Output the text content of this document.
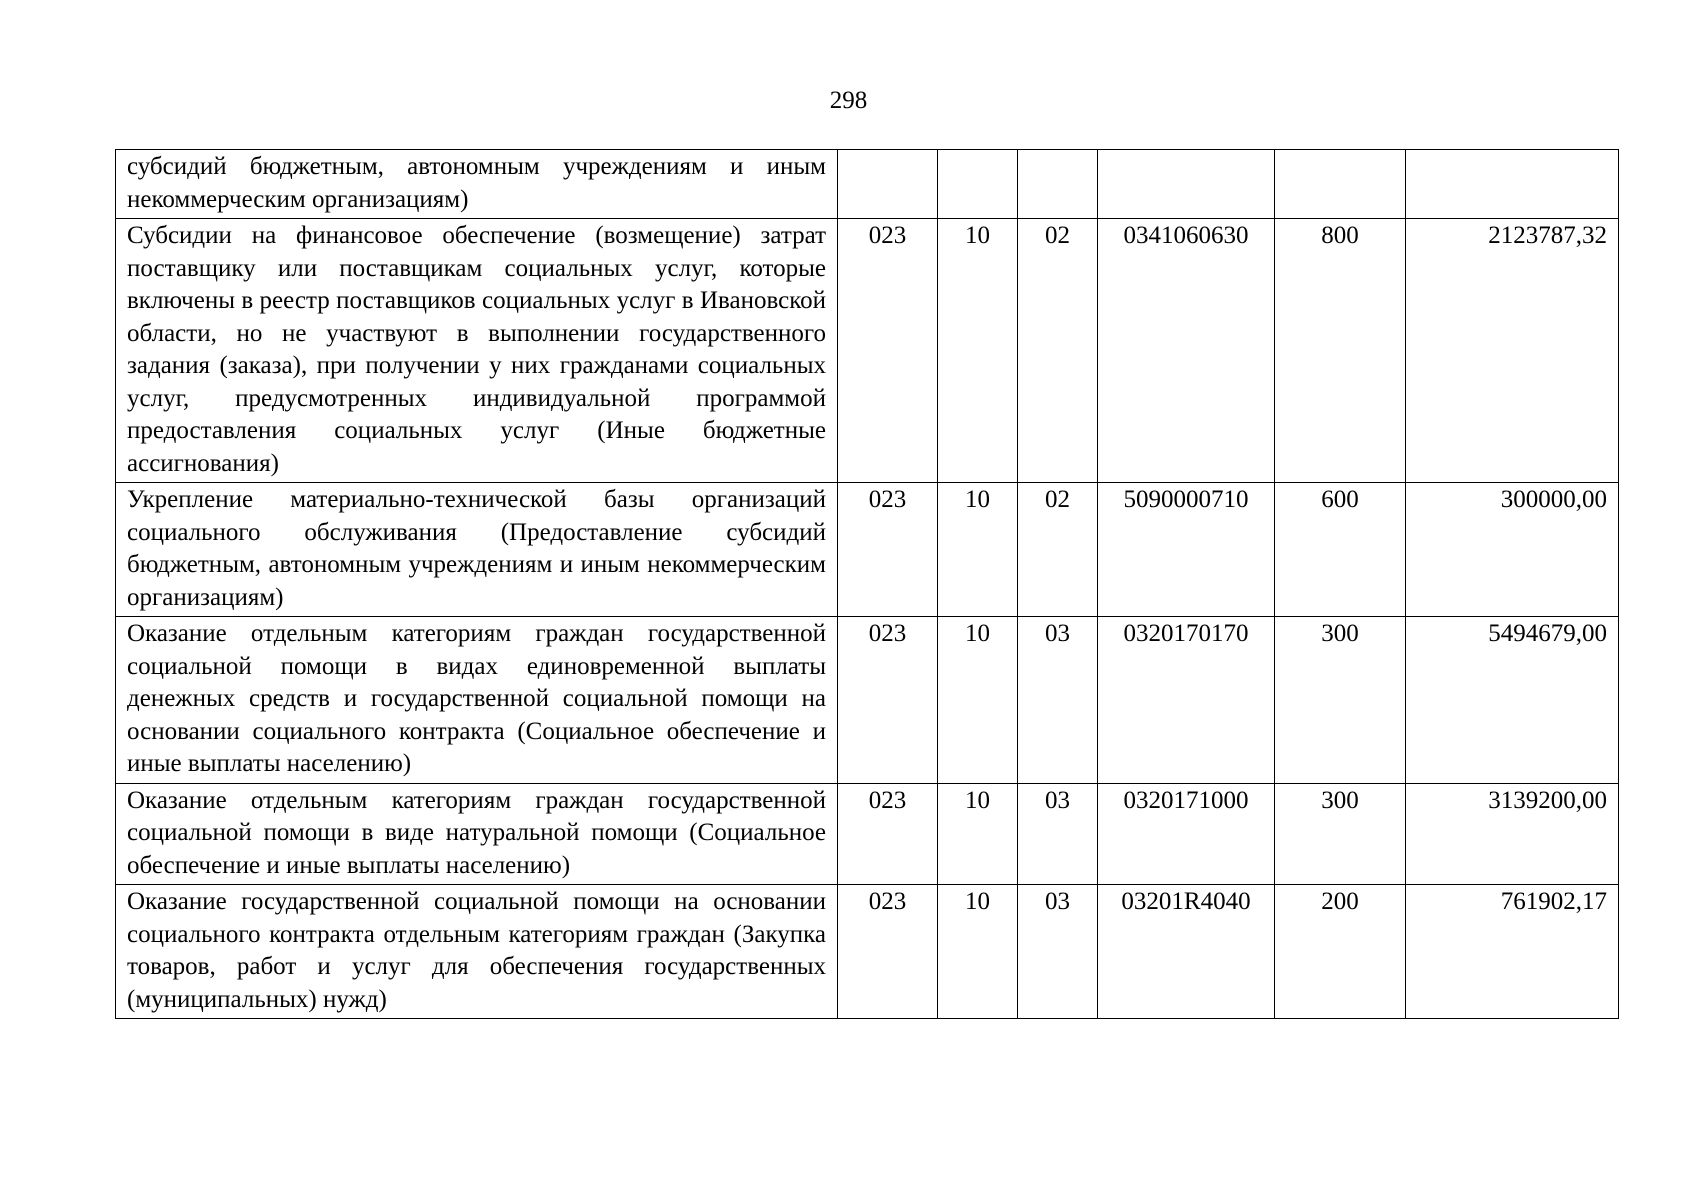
298
субсидий бюджетным, автономным учреждениям и иным некоммерческим организациям)						
Субсидии на финансовое обеспечение (возмещение) затрат поставщику или поставщикам социальных услуг, которые включены в реестр поставщиков социальных услуг в Ивановской области, но не участвуют в выполнении государственного задания (заказа), при получении у них гражданами социальных услуг, предусмотренных индивидуальной программой предоставления социальных услуг (Иные бюджетные ассигнования)	023	10	02	0341060630	800	2123787,32
Укрепление материально-технической базы организаций социального обслуживания (Предоставление субсидий бюджетным, автономным учреждениям и иным некоммерческим организациям)	023	10	02	5090000710	600	300000,00
Оказание отдельным категориям граждан государственной социальной помощи в видах единовременной выплаты денежных средств и государственной социальной помощи на основании социального контракта (Социальное обеспечение и иные выплаты населению)	023	10	03	0320170170	300	5494679,00
Оказание отдельным категориям граждан государственной социальной помощи в виде натуральной помощи (Социальное обеспечение и иные выплаты населению)	023	10	03	0320171000	300	3139200,00
Оказание государственной социальной помощи на основании социального контракта отдельным категориям граждан (Закупка товаров, работ и услуг для обеспечения государственных (муниципальных) нужд)	023	10	03	03201R4040	200	761902,17
